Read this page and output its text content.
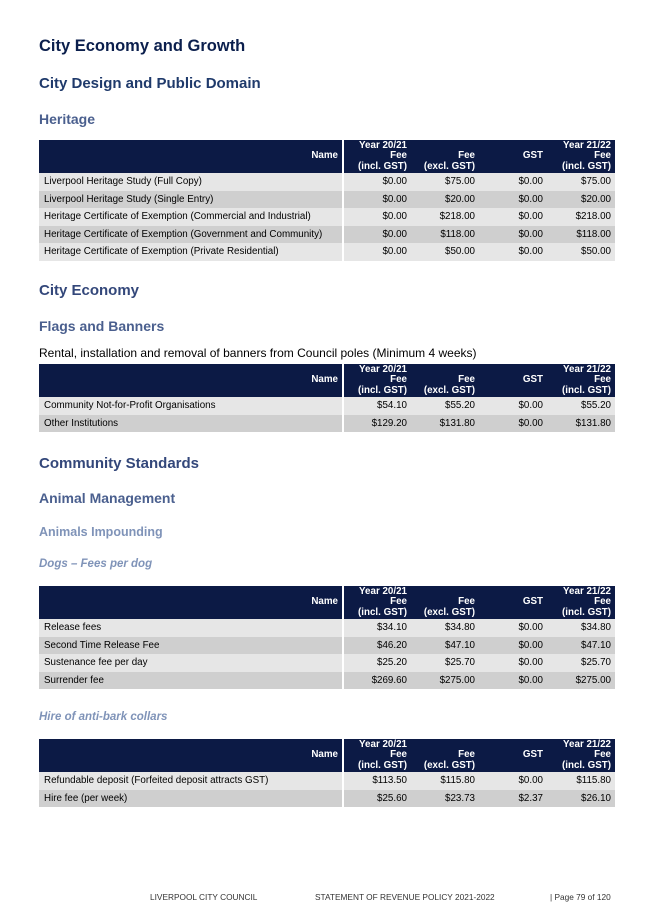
City Economy and Growth
City Design and Public Domain
Heritage
Name	Year 20/21
Fee
(incl. GST)	Fee
(excl. GST)	GST	Year 21/22
Fee
(incl. GST)

Liverpool Heritage Study (Full Copy)	$0.00	$75.00	$0.00	$75.00
Liverpool Heritage Study (Single Entry)	$0.00	$20.00	$0.00	$20.00
Heritage Certificate of Exemption (Commercial and Industrial)	$0.00	$218.00	$0.00	$218.00
Heritage Certificate of Exemption (Government and Community)	$0.00	$118.00	$0.00	$118.00
Heritage Certificate of Exemption (Private Residential)	$0.00	$50.00	$0.00	$50.00
City Economy
Flags and Banners
Rental, installation and removal of banners from Council poles (Minimum 4 weeks)
Name	Year 20/21
Fee
(incl. GST)	Fee
(excl. GST)	GST	Year 21/22
Fee
(incl. GST)

Community Not-for-Profit Organisations	$54.10	$55.20	$0.00	$55.20
Other Institutions	$129.20	$131.80	$0.00	$131.80
Community Standards
Animal Management
Animals Impounding
Dogs – Fees per dog
Name	Year 20/21
Fee
(incl. GST)	Fee
(excl. GST)	GST	Year 21/22
Fee
(incl. GST)

Release fees	$34.10	$34.80	$0.00	$34.80
Second Time Release Fee	$46.20	$47.10	$0.00	$47.10
Sustenance fee per day	$25.20	$25.70	$0.00	$25.70
Surrender fee	$269.60	$275.00	$0.00	$275.00
Hire of anti-bark collars
Name	Year 20/21
Fee
(incl. GST)	Fee
(excl. GST)	GST	Year 21/22
Fee
(incl. GST)

Refundable deposit (Forfeited deposit attracts GST)	$113.50	$115.80	$0.00	$115.80
Hire fee (per week)	$25.60	$23.73	$2.37	$26.10
LIVERPOOL CITY COUNCIL	STATEMENT OF REVENUE POLICY 2021-2022	| Page 79 of 120
